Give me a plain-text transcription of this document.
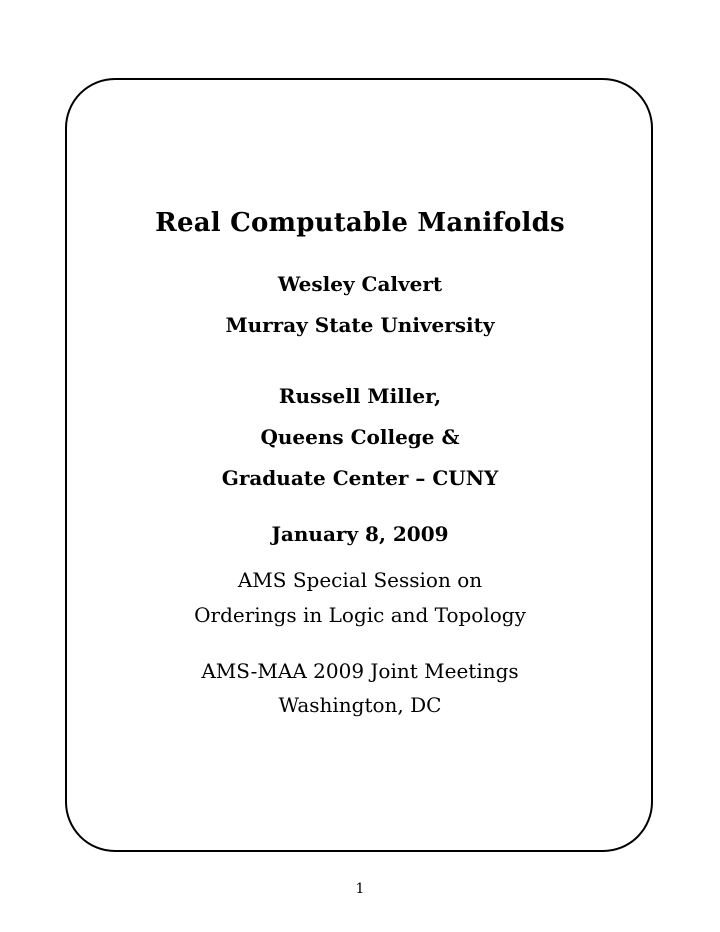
Real Computable Manifolds
Wesley Calvert
Murray State University
Russell Miller,
Queens College &
Graduate Center – CUNY
January 8, 2009
AMS Special Session on
Orderings in Logic and Topology
AMS-MAA 2009 Joint Meetings
Washington, DC
1
